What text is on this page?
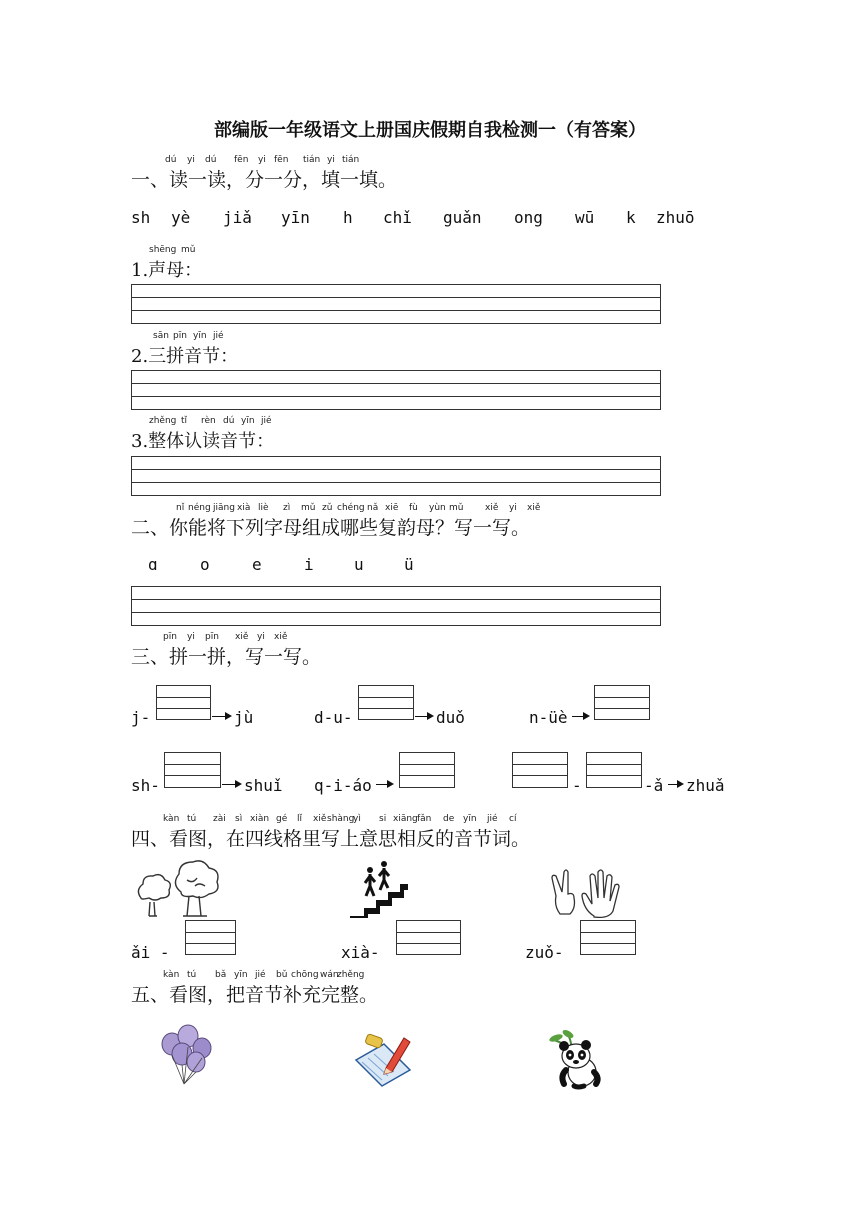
部编版一年级语文上册国庆假期自我检测一（有答案）
dú yi dú fēn yi fēn tián yi tián
一、读一读，分一分，填一填。
sh yè jiǎ yīn h chǐ guǎn ong wū k zhuō
shēng mǔ
1.声母：
sān pīn yīn jié
2.三拼音节：
zhěng tǐ rèn dú yīn jié
3.整体认读音节：
nǐ néng jiāng xià liè zì mǔ zǔ chéng nǎ xiē fù yùn mǔ xiě yi xiě
二、你能将下列字母组成哪些复韵母？写一写。
ɑ	o	e	i	u	ü
pīn yi pīn xiě yi xiě
三、拼一拼，写一写。
j-	jù	d-u-	duǒ	n-üè
sh-	shuǐ q-i-áo	-	-ǎ zhuǎ
kàn tú zài sì xiàn gé lǐ xiě shàng
yì si xiāng fǎn de yīn jié cí
四、看图，在四线格里写上意思相反的音节词。
ǎi -	xià-	zuǒ-
kàn tú bǎ yīn jié bǔ chōng wán
zhěng
五、看图，把音节补充完整。
